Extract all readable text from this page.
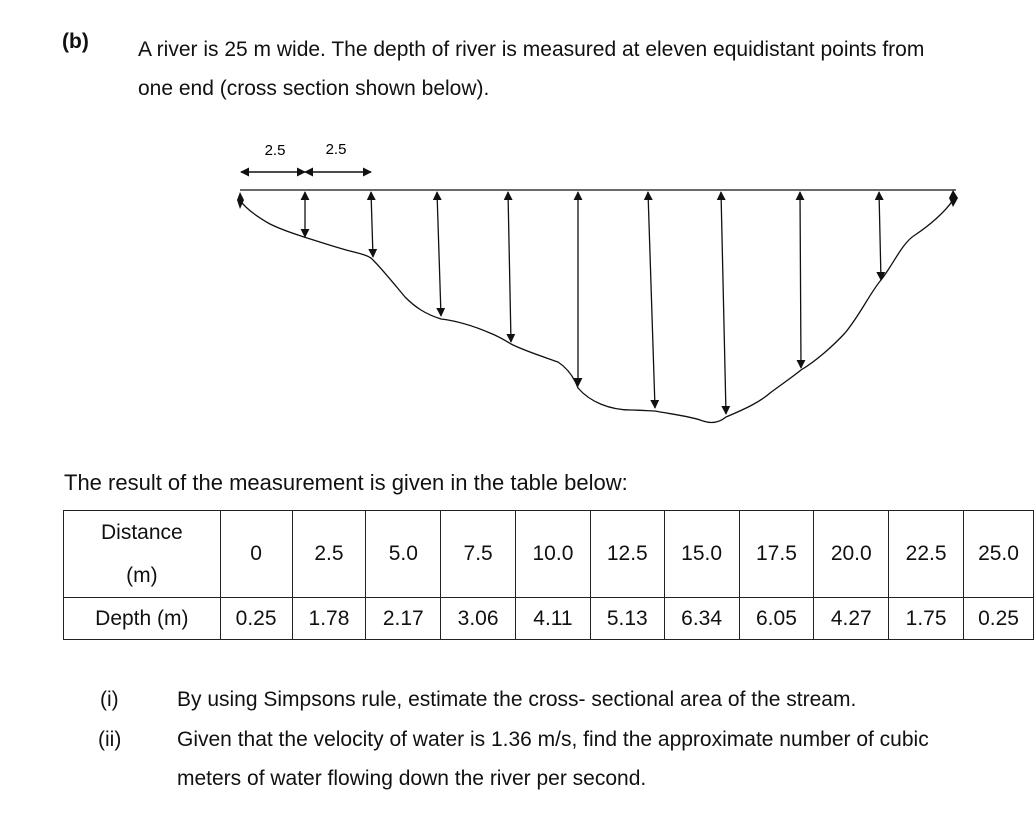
(b) A river is 25 m wide. The depth of river is measured at eleven equidistant points from
one end (cross section shown below).
2.5	2.5
The result of the measurement is given in the table below:
Distance
(m)	0	2.5	5.0	7.5	10.0	12.5	15.0	17.5	20.0	22.5	25.0
Depth (m)	0.25	1.78	2.17	3.06	4.11	5.13	6.34	6.05	4.27	1.75	0.25
(i)	By using Simpsons rule, estimate the cross- sectional area of the stream.
(ii)	Given that the velocity of water is 1.36 m/s, find the approximate number of cubic
meters of water flowing down the river per second.
